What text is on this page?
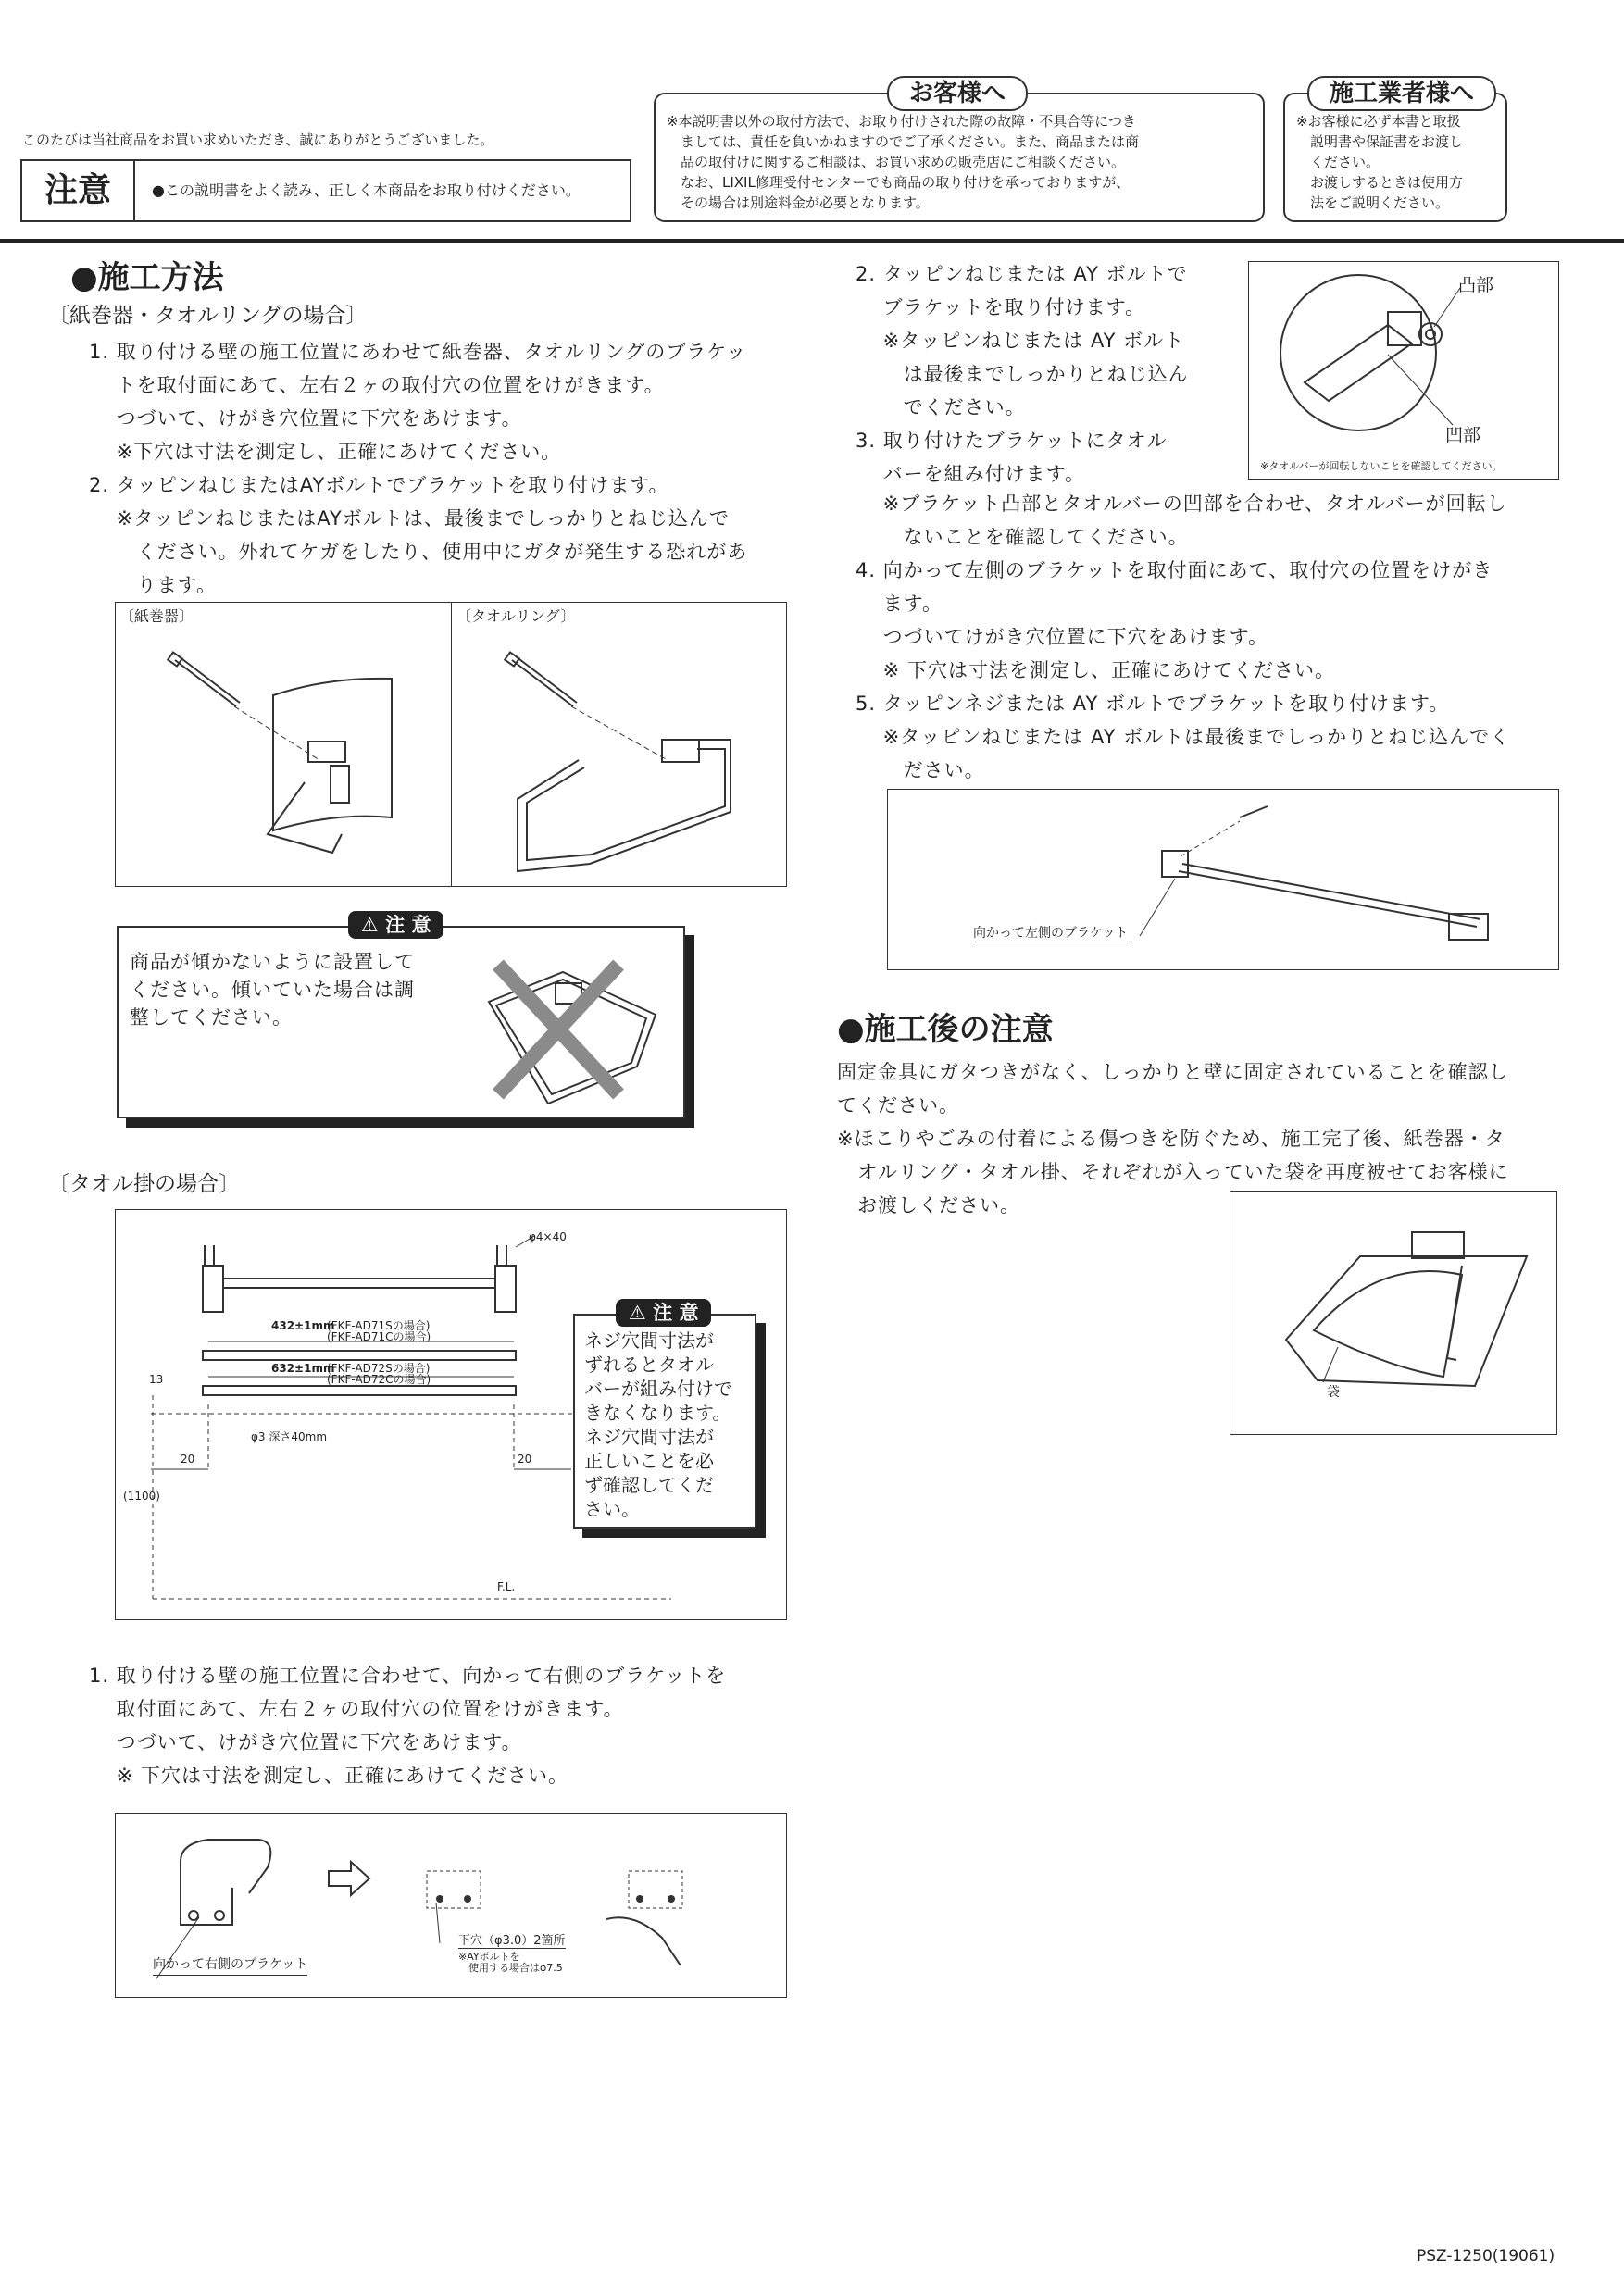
このたびは当社商品をお買い求めいただき、誠にありがとうございました。
注意	●この説明書をよく読み、正しく本商品をお取り付けください。

※本説明書以外の取付方法で、お取り付けされた際の故障・不具合等につき

　ましては、責任を負いかねますのでご了承ください。また、商品または商

　品の取付けに関するご相談は、お買い求めの販売店にご相談ください。

　なお、LIXIL修理受付センターでも商品の取り付けを承っておりますが、

　その場合は別途料金が必要となります。

お客様へ

※お客様に必ず本書と取扱

　説明書や保証書をお渡し

　ください。

　お渡しするときは使用方

　法をご説明ください。

施工業者様へ
●施工方法
〔紙巻器・タオルリングの場合〕

1. 取り付ける壁の施工位置にあわせて紙巻器、タオルリングのブラケッ

　 トを取付面にあて、左右２ヶの取付穴の位置をけがきます。

　 つづいて、けがき穴位置に下穴をあけます。

　 ※下穴は寸法を測定し、正確にあけてください。

2. タッピンねじまたはAYボルトでブラケットを取り付けます。

　 ※タッピンねじまたはAYボルトは、最後までしっかりとねじ込んで

　 　ください。外れてケガをしたり、使用中にガタが発生する恐れがあ

　 　ります。

〔紙巻器〕	〔タオルリング〕

商品が傾かないように設置して

ください。傾いていた場合は調

整してください。

⚠ 注 意
〔タオル掛の場合〕
φ4×40
432±1mm
(FKF-AD71Sの場合)
(FKF-AD71Cの場合)
632±1mm
(FKF-AD72Sの場合)
(FKF-AD72Cの場合)
13
φ3 深さ40mm
20	20
(1100)
F.L.

ネジ穴間寸法が

ずれるとタオル

バーが組み付けで

きなくなります。

ネジ穴間寸法が

正しいことを必

ず確認してくだ

さい。

⚠ 注 意

1. 取り付ける壁の施工位置に合わせて、向かって右側のブラケットを

　 取付面にあて、左右２ヶの取付穴の位置をけがきます。

　 つづいて、けがき穴位置に下穴をあけます。

　 ※ 下穴は寸法を測定し、正確にあけてください。

向かって右側のブラケット
下穴（φ3.0）2箇所
※AYボルトを
　使用する場合はφ7.5

2. タッピンねじまたは AY ボルトで

　 ブラケットを取り付けます。

　 ※タッピンねじまたは AY ボルト

　 　は最後までしっかりとねじ込ん

　 　でください。

3. 取り付けたブラケットにタオル

　 バーを組み付けます。

凸部
凹部
※タオルバーが回転しないことを確認してください。

　 ※ブラケット凸部とタオルバーの凹部を合わせ、タオルバーが回転し

　 　ないことを確認してください。

4. 向かって左側のブラケットを取付面にあて、取付穴の位置をけがき

　 ます。

　 つづいてけがき穴位置に下穴をあけます。

　 ※ 下穴は寸法を測定し、正確にあけてください。

5. タッピンネジまたは AY ボルトでブラケットを取り付けます。

　 ※タッピンねじまたは AY ボルトは最後までしっかりとねじ込んでく

　 　ださい。

向かって左側のブラケット
●施工後の注意

固定金具にガタつきがなく、しっかりと壁に固定されていることを確認し

てください。

※ほこりやごみの付着による傷つきを防ぐため、施工完了後、紙巻器・タ

　オルリング・タオル掛、それぞれが入っていた袋を再度被せてお客様に

　お渡しください。

袋
PSZ-1250(19061)
